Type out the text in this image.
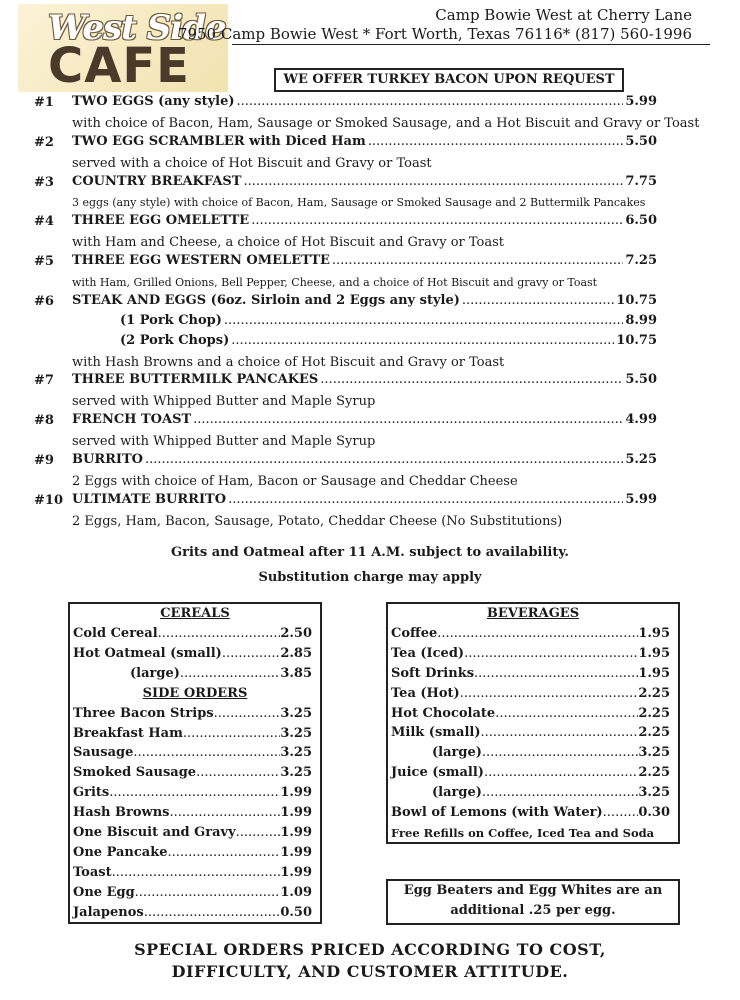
West Side
CAFE
Camp Bowie West at Cherry Lane
7950 Camp Bowie West * Fort Worth, Texas 76116* (817) 560-1996
WE OFFER TURKEY BACON UPON REQUEST
#1 TWO EGGS (any style) .....	5.99
with choice of Bacon, Ham, Sausage or Smoked Sausage, and a Hot Biscuit and Gravy or Toast
#2 TWO EGG SCRAMBLER with Diced Ham .....	5.50
served with a choice of Hot Biscuit and Gravy or Toast
#3 COUNTRY BREAKFAST .....	7.75
3 eggs (any style) with choice of Bacon, Ham, Sausage or Smoked Sausage and 2 Buttermilk Pancakes
#4 THREE EGG OMELETTE .....	6.50
with Ham and Cheese, a choice of Hot Biscuit and Gravy or Toast
#5 THREE EGG WESTERN OMELETTE .....	7.25
with Ham, Grilled Onions, Bell Pepper, Cheese, and a choice of Hot Biscuit and gravy or Toast
#6 STEAK AND EGGS (6oz. Sirloin and 2 Eggs any style) .....	10.75
(1 Pork Chop) .....	8.99
(2 Pork Chops) .....	10.75
with Hash Browns and a choice of Hot Biscuit and Gravy or Toast
#7 THREE BUTTERMILK PANCAKES .....	5.50
served with Whipped Butter and Maple Syrup
#8 FRENCH TOAST .....	4.99
served with Whipped Butter and Maple Syrup
#9 BURRITO .....	5.25
2 Eggs with choice of Ham, Bacon or Sausage and Cheddar Cheese
#10 ULTIMATE BURRITO .....	5.99
2 Eggs, Ham, Bacon, Sausage, Potato, Cheddar Cheese (No Substitutions)
Grits and Oatmeal after 11 A.M. subject to availability.
Substitution charge may apply
CEREALS
Cold Cereal .....	2.50
Hot Oatmeal (small) .....	2.85
(large) .....	3.85
SIDE ORDERS
Three Bacon Strips .....	3.25
Breakfast Ham .....	3.25
Sausage .....	3.25
Smoked Sausage .....	3.25
Grits .....	1.99
Hash Browns .....	1.99
One Biscuit and Gravy .....	1.99
One Pancake .....	1.99
Toast .....	1.99
One Egg .....	1.09
Jalapenos .....	0.50
BEVERAGES
Coffee .....	1.95
Tea (Iced) .....	1.95
Soft Drinks .....	1.95
Tea (Hot) .....	2.25
Hot Chocolate .....	2.25
Milk (small) .....	2.25
(large) .....	3.25
Juice (small) .....	2.25
(large) .....	3.25
Bowl of Lemons (with Water) .....	0.30
Free Refills on Coffee, Iced Tea and Soda
Egg Beaters and Egg Whites are an
additional .25 per egg.
SPECIAL ORDERS PRICED ACCORDING TO COST,
DIFFICULTY, AND CUSTOMER ATTITUDE.
